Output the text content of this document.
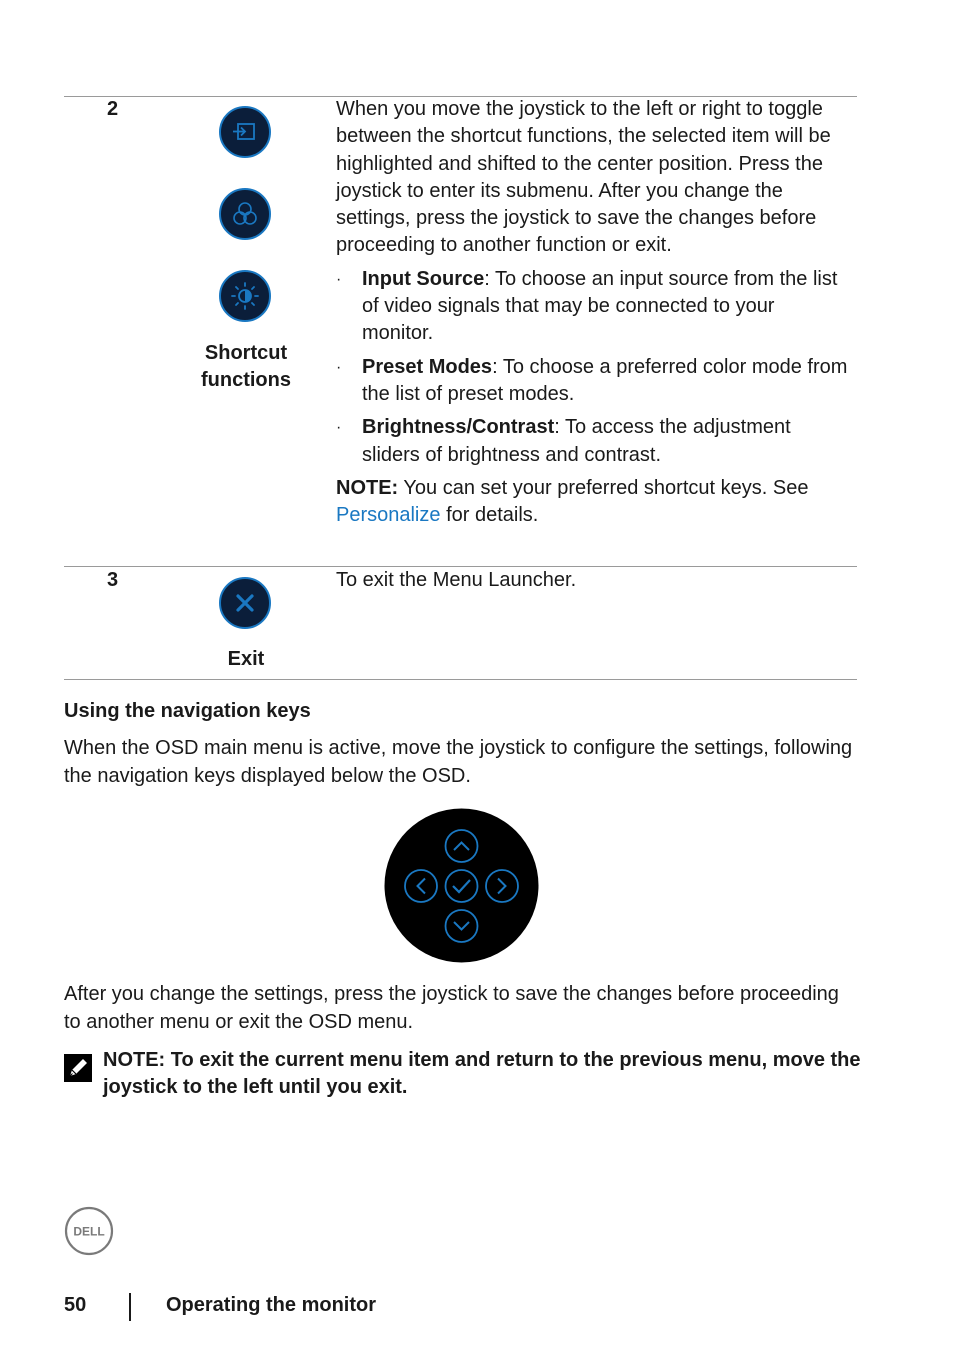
2
Shortcut
functions

When you move the joystick to the left or right to toggle between the shortcut functions, the selected item will be highlighted and shifted to the center position. Press the joystick to enter its submenu. After you change the settings, press the joystick to save the changes before proceeding to another function or exit.

· Input Source: To choose an input source from the list of video signals that may be connected to your monitor.
· Preset Modes: To choose a preferred color mode from the list of preset modes.
· Brightness/Contrast: To access the adjustment sliders of brightness and contrast.

NOTE: You can set your preferred shortcut keys. See Personalize for details.

3
Exit
To exit the Menu Launcher.
Using the navigation keys
When the OSD main menu is active, move the joystick to configure the settings, following the navigation keys displayed below the OSD.
After you change the settings, press the joystick to save the changes before proceeding to another menu or exit the OSD menu.
NOTE: To exit the current menu item and return to the previous menu, move the joystick to the left until you exit.
DELL
50	Operating the monitor
